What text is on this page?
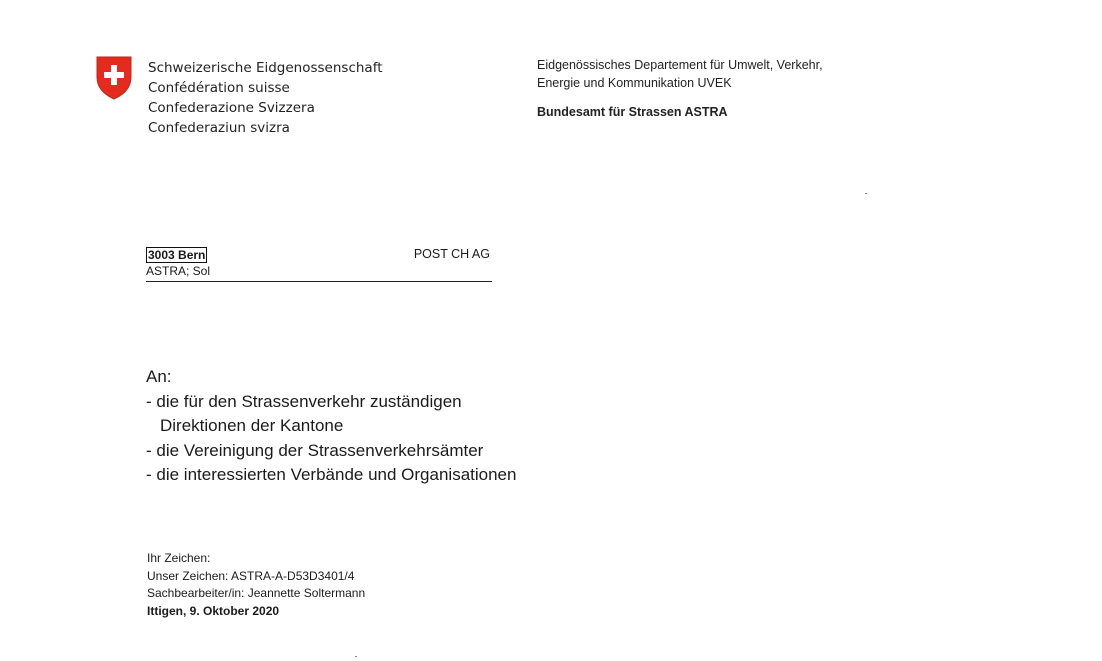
Schweizerische Eidgenossenschaft
Confédération suisse
Confederazione Svizzera
Confederaziun svizra
Eidgenössisches Departement für Umwelt, Verkehr,
Energie und Kommunikation UVEK
Bundesamt für Strassen ASTRA
3003 Bern	POST CH AG
ASTRA; Sol
An:
- die für den Strassenverkehr zuständigen
Direktionen der Kantone
- die Vereinigung der Strassenverkehrsämter
- die interessierten Verbände und Organisationen
Ihr Zeichen:
Unser Zeichen: ASTRA-A-D53D3401/4
Sachbearbeiter/in: Jeannette Soltermann
Ittigen, 9. Oktober 2020
